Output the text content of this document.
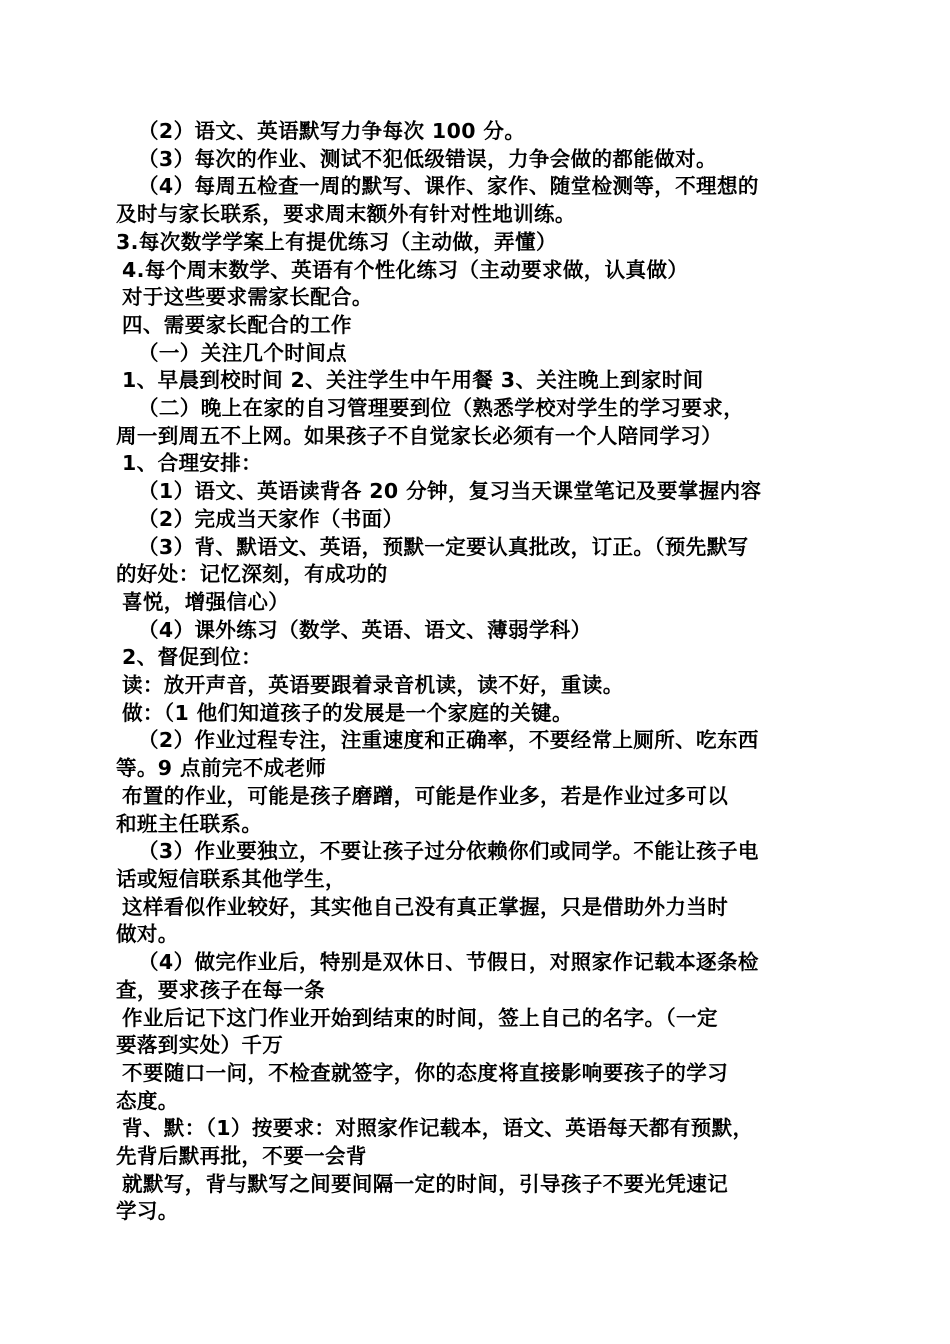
（2）语文、英语默写力争每次 100 分。
（3）每次的作业、测试不犯低级错误，力争会做的都能做对。
（4）每周五检查一周的默写、课作、家作、随堂检测等，不理想的
及时与家长联系，要求周末额外有针对性地训练。
3.每次数学学案上有提优练习（主动做，弄懂）
4.每个周末数学、英语有个性化练习（主动要求做，认真做）
对于这些要求需家长配合。
四、需要家长配合的工作
（一）关注几个时间点
1、早晨到校时间 2、关注学生中午用餐 3、关注晚上到家时间
（二）晚上在家的自习管理要到位（熟悉学校对学生的学习要求，
周一到周五不上网。如果孩子不自觉家长必须有一个人陪同学习）
1、合理安排：
（1）语文、英语读背各 20 分钟，复习当天课堂笔记及要掌握内容
（2）完成当天家作（书面）
（3）背、默语文、英语，预默一定要认真批改，订正。（预先默写
的好处：记忆深刻，有成功的
喜悦，增强信心）
（4）课外练习（数学、英语、语文、薄弱学科）
2、督促到位：
读：放开声音，英语要跟着录音机读，读不好，重读。
做：（1 他们知道孩子的发展是一个家庭的关键。
（2）作业过程专注，注重速度和正确率，不要经常上厕所、吃东西
等。9 点前完不成老师
布置的作业，可能是孩子磨蹭，可能是作业多，若是作业过多可以
和班主任联系。
（3）作业要独立，不要让孩子过分依赖你们或同学。不能让孩子电
话或短信联系其他学生，
这样看似作业较好，其实他自己没有真正掌握，只是借助外力当时
做对。
（4）做完作业后，特别是双休日、节假日，对照家作记载本逐条检
查，要求孩子在每一条
作业后记下这门作业开始到结束的时间，签上自己的名字。（一定
要落到实处）千万
不要随口一问，不检查就签字，你的态度将直接影响要孩子的学习
态度。
背、默：（1）按要求：对照家作记载本，语文、英语每天都有预默，
先背后默再批，不要一会背
就默写，背与默写之间要间隔一定的时间，引导孩子不要光凭速记
学习。
